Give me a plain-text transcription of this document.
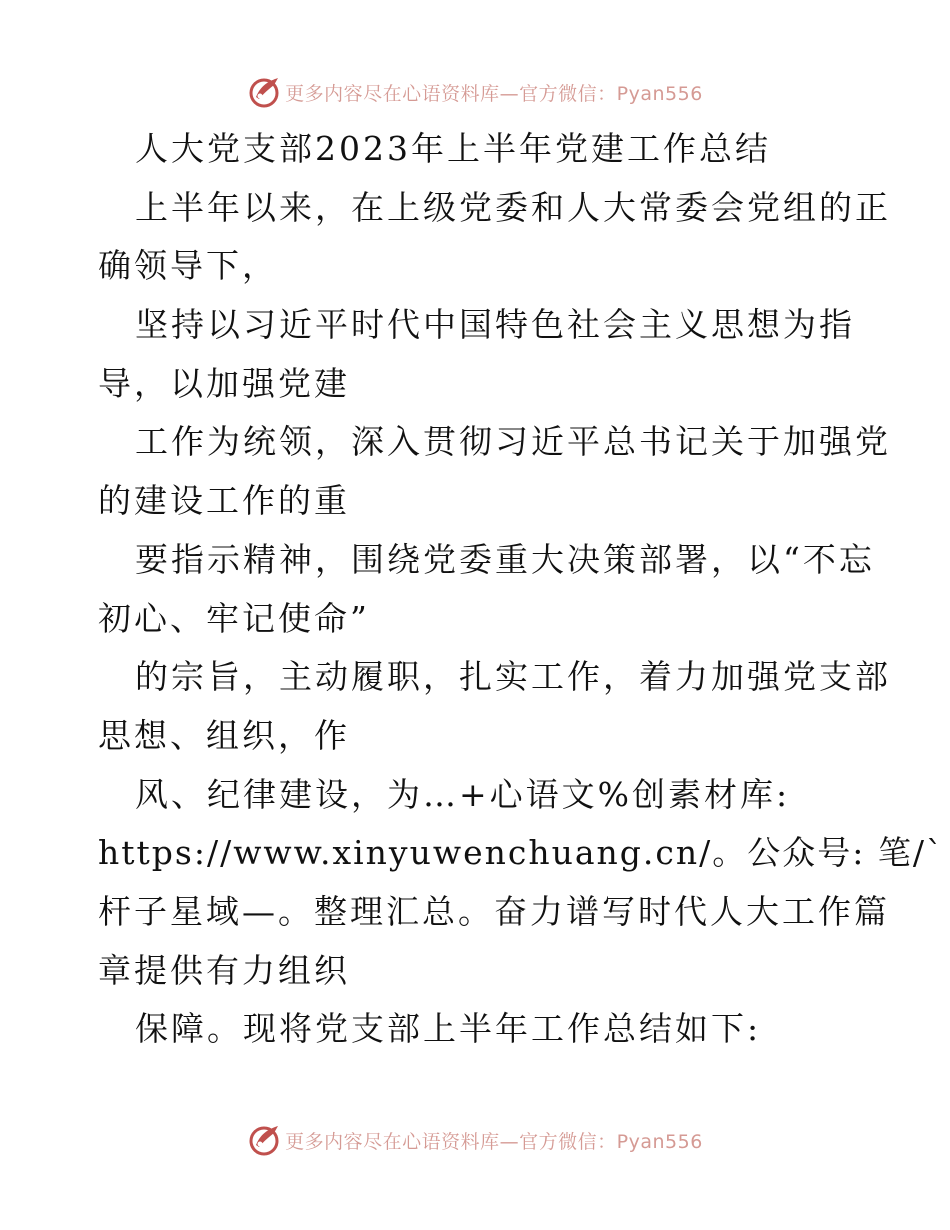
更多内容尽在心语资料库—官方微信：Pyan556
人大党支部2023年上半年党建工作总结
上半年以来，在上级党委和人大常委会党组的正
确领导下，
坚持以习近平时代中国特色社会主义思想为指
导，以加强党建
工作为统领，深入贯彻习近平总书记关于加强党
的建设工作的重
要指示精神，围绕党委重大决策部署，以“不忘
初心、牢记使命”
的宗旨，主动履职，扎实工作，着力加强党支部
思想、组织，作
风、纪律建设，为…+心语文%创素材库:
https://www.xinyuwenchuang.cn/。公众号: 笔/ˋ
杆子星域—。整理汇总。奋力谱写时代人大工作篇
章提供有力组织
保障。现将党支部上半年工作总结如下:
更多内容尽在心语资料库—官方微信：Pyan556
